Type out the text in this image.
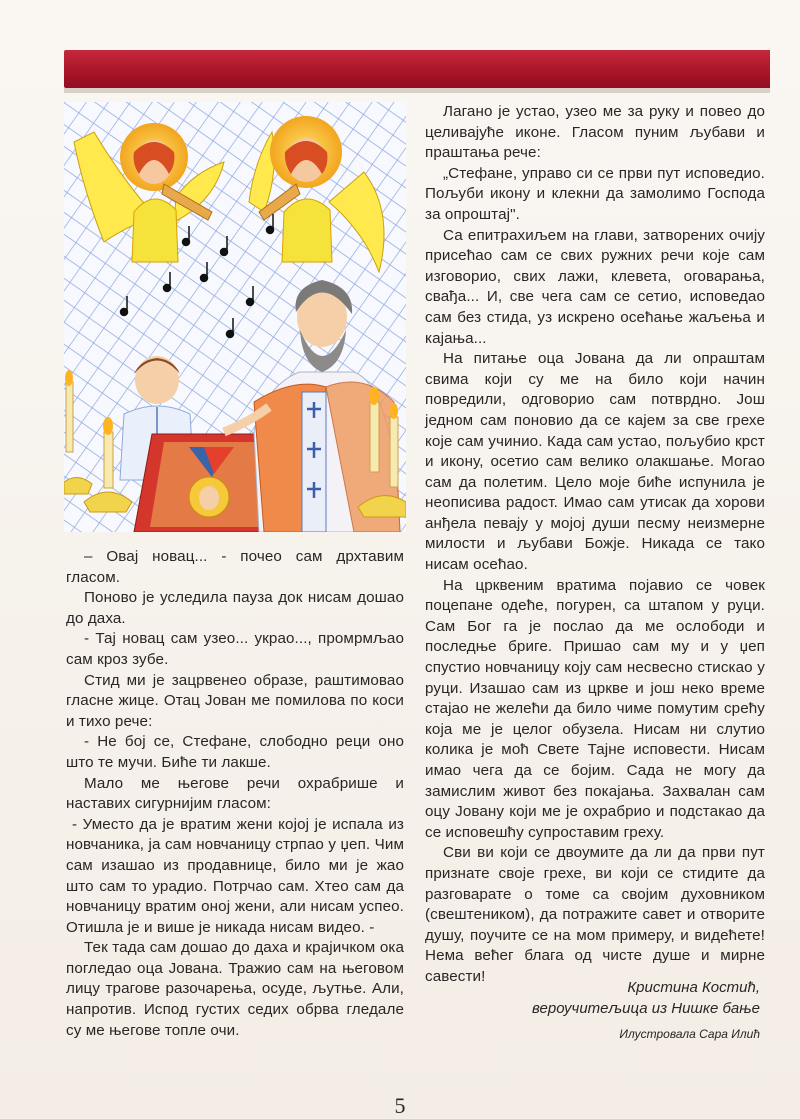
– Овај новац... - почео сам дрхтавим гласом.

Поново је уследила пауза док нисам дошао до даха.

- Тај новац сам узео... украо..., промрмљао сам кроз зубе.

Стид ми је зацрвенео образе, раштимовао гласне жице. Отац Јован ме помилова по коси и тихо рече:

- Не бој се, Стефане, слободно реци оно што те мучи. Биће ти лакше.

Мало ме његове речи охрабрише и наставих сигурнијим гласом:

- Уместо да је вратим жени којој је испала из новчаника, ја сам новчаницу стрпао у џеп. Чим сам изашао из продавнице, било ми је жао што сам то урадио. Потрчао сам. Хтео сам да новчаницу вратим оној жени, али нисам успео. Отишла је и више је никада нисам видео. -

Тек тада сам дошао до даха и крајичком ока погледао оца Јована. Тражио сам на његовом лицу трагове разочарења, осуде, љутње. Али, напротив. Испод густих седих обрва гледале су ме његове топле очи.

Лагано је устао, узео ме за руку и повео до целивајуће иконе. Гласом пуним љубави и праштања рече:

„Стефане, управо си се први пут исповедио. Пољуби икону и клекни да замолимо Господа за опроштај".

Са епитрахиљем на глави, затворених очију присећао сам се свих ружних речи које сам изговорио, свих лажи, клевета, оговарања, свађа... И, све чега сам се сетио, исповедао сам без стида, уз искрено осећање жаљења и кајања...

На питање оца Јована да ли опраштам свима који су ме на било који начин повредили, одговорио сам потврдно. Још једном сам поновио да се кајем за све грехе које сам учинио. Када сам устао, пољубио крст и икону, осетио сам велико олакшање. Могао сам да полетим. Цело моје биће испунила је неописива радост. Имао сам утисак да хорови анђела певају у мојој души песму неизмерне милости и љубави Божје. Никада се тако нисам осећао.

На црквеним вратима појавио се човек поцепане одеће, погурен, са штапом у руци. Сам Бог га је послао да ме ослободи и последње бриге. Пришао сам му и у џеп спустио новчаницу коју сам несвесно стискао у руци. Изашао сам из цркве и још неко време стајао не желећи да било чиме помутим срећу која ме је целог обузела. Нисам ни слутио колика је моћ Свете Тајне исповести. Нисам имао чега да се бојим. Сада не могу да замислим живот без покајања. Захвалан сам оцу Јовану који ме је охрабрио и подстакао да се исповешћу супроставим греху.

Сви ви који се двоумите да ли да први пут признате своје грехе, ви који се стидите да разговарате о томе са својим духовником (свештеником), да потражите савет и отворите душу, поучите се на мом примеру, и видећете! Нема већег блага од чисте душе и мирне савести!

Кристина Костић,
вероучитељица из Нишке бање
Илустровала Сара Илић
5
